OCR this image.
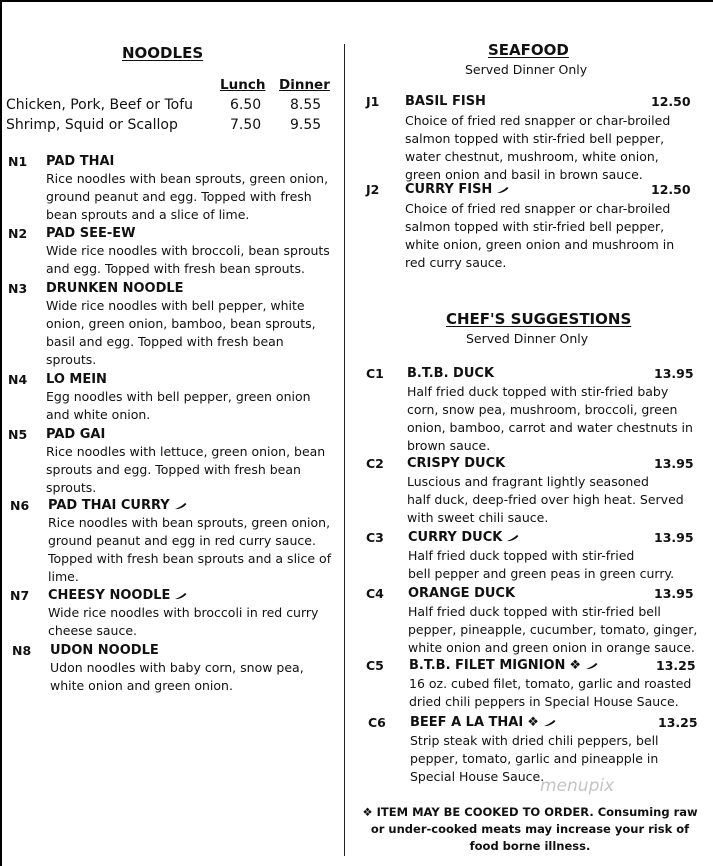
NOODLES
Lunch Dinner
Chicken, Pork, Beef or Tofu	6.50 8.55
Shrimp, Squid or Scallop	7.50 9.55
N1 PAD THAI
Rice noodles with bean sprouts, green onion,
ground peanut and egg. Topped with fresh
bean sprouts and a slice of lime.
N2 PAD SEE-EW
Wide rice noodles with broccoli, bean sprouts
and egg. Topped with fresh bean sprouts.
N3 DRUNKEN NOODLE
Wide rice noodles with bell pepper, white
onion, green onion, bamboo, bean sprouts,
basil and egg. Topped with fresh bean
sprouts.
N4 LO MEIN
Egg noodles with bell pepper, green onion
and white onion.
N5 PAD GAI
Rice noodles with lettuce, green onion, bean
sprouts and egg. Topped with fresh bean
sprouts.
N6 PAD THAI CURRY
Rice noodles with bean sprouts, green onion,
ground peanut and egg in red curry sauce.
Topped with fresh bean sprouts and a slice of
lime.
N7 CHEESY NOODLE
Wide rice noodles with broccoli in red curry
cheese sauce.
N8 UDON NOODLE
Udon noodles with baby corn, snow pea,
white onion and green onion.
SEAFOOD
Served Dinner Only
J1 BASIL FISH	12.50
Choice of fried red snapper or char-broiled
salmon topped with stir-fried bell pepper,
water chestnut, mushroom, white onion,
green onion and basil in brown sauce.
J2 CURRY FISH	12.50
Choice of fried red snapper or char-broiled
salmon topped with stir-fried bell pepper,
white onion, green onion and mushroom in
red curry sauce.
CHEF'S SUGGESTIONS
Served Dinner Only
C1 B.T.B. DUCK	13.95
Half fried duck topped with stir-fried baby
corn, snow pea, mushroom, broccoli, green
onion, bamboo, carrot and water chestnuts in
brown sauce.
C2 CRISPY DUCK	13.95
Luscious and fragrant lightly seasoned
half duck, deep-fried over high heat. Served
with sweet chili sauce.
C3 CURRY DUCK	13.95
Half fried duck topped with stir-fried
bell pepper and green peas in green curry.
C4 ORANGE DUCK	13.95
Half fried duck topped with stir-fried bell
pepper, pineapple, cucumber, tomato, ginger,
white onion and green onion in orange sauce.
C5 B.T.B. FILET MIGNION ❖	13.25
16 oz. cubed filet, tomato, garlic and roasted
dried chili peppers in Special House Sauce.
C6 BEEF A LA THAI ❖	13.25
Strip steak with dried chili peppers, bell
pepper, tomato, garlic and pineapple in
Special House Sauce.
menupix
❖ ITEM MAY BE COOKED TO ORDER. Consuming raw or under-cooked meats may increase your risk of food borne illness.
